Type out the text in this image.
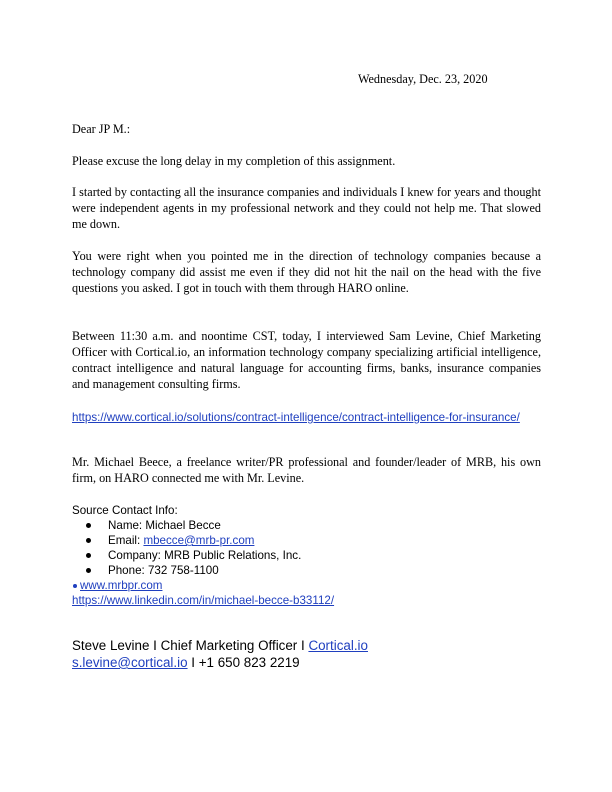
Wednesday, Dec. 23, 2020
Dear JP M.:
Please excuse the long delay in my completion of this assignment.
I started by contacting all the insurance companies and individuals I knew for years and thought were independent agents in my professional network and they could not help me. That slowed me down.
You were right when you pointed me in the direction of technology companies because a technology company did assist me even if they did not hit the nail on the head with the five questions you asked. I got in touch with them through HARO online.
Between 11:30 a.m. and noontime CST, today, I interviewed Sam Levine, Chief Marketing Officer with Cortical.io, an information technology company specializing artificial intelligence, contract intelligence and natural language for accounting firms, banks, insurance companies and management consulting firms.
https://www.cortical.io/solutions/contract-intelligence/contract-intelligence-for-insurance/
Mr. Michael Beece, a freelance writer/PR professional and founder/leader of MRB, his own firm, on HARO connected me with Mr. Levine.
Source Contact Info:
Name: Michael Becce
Email: mbecce@mrb-pr.com
Company: MRB Public Relations, Inc.
Phone: 732 758-1100
www.mrbpr.com
https://www.linkedin.com/in/michael-becce-b33112/
Steve Levine I Chief Marketing Officer I Cortical.io
s.levine@cortical.io I +1 650 823 2219
